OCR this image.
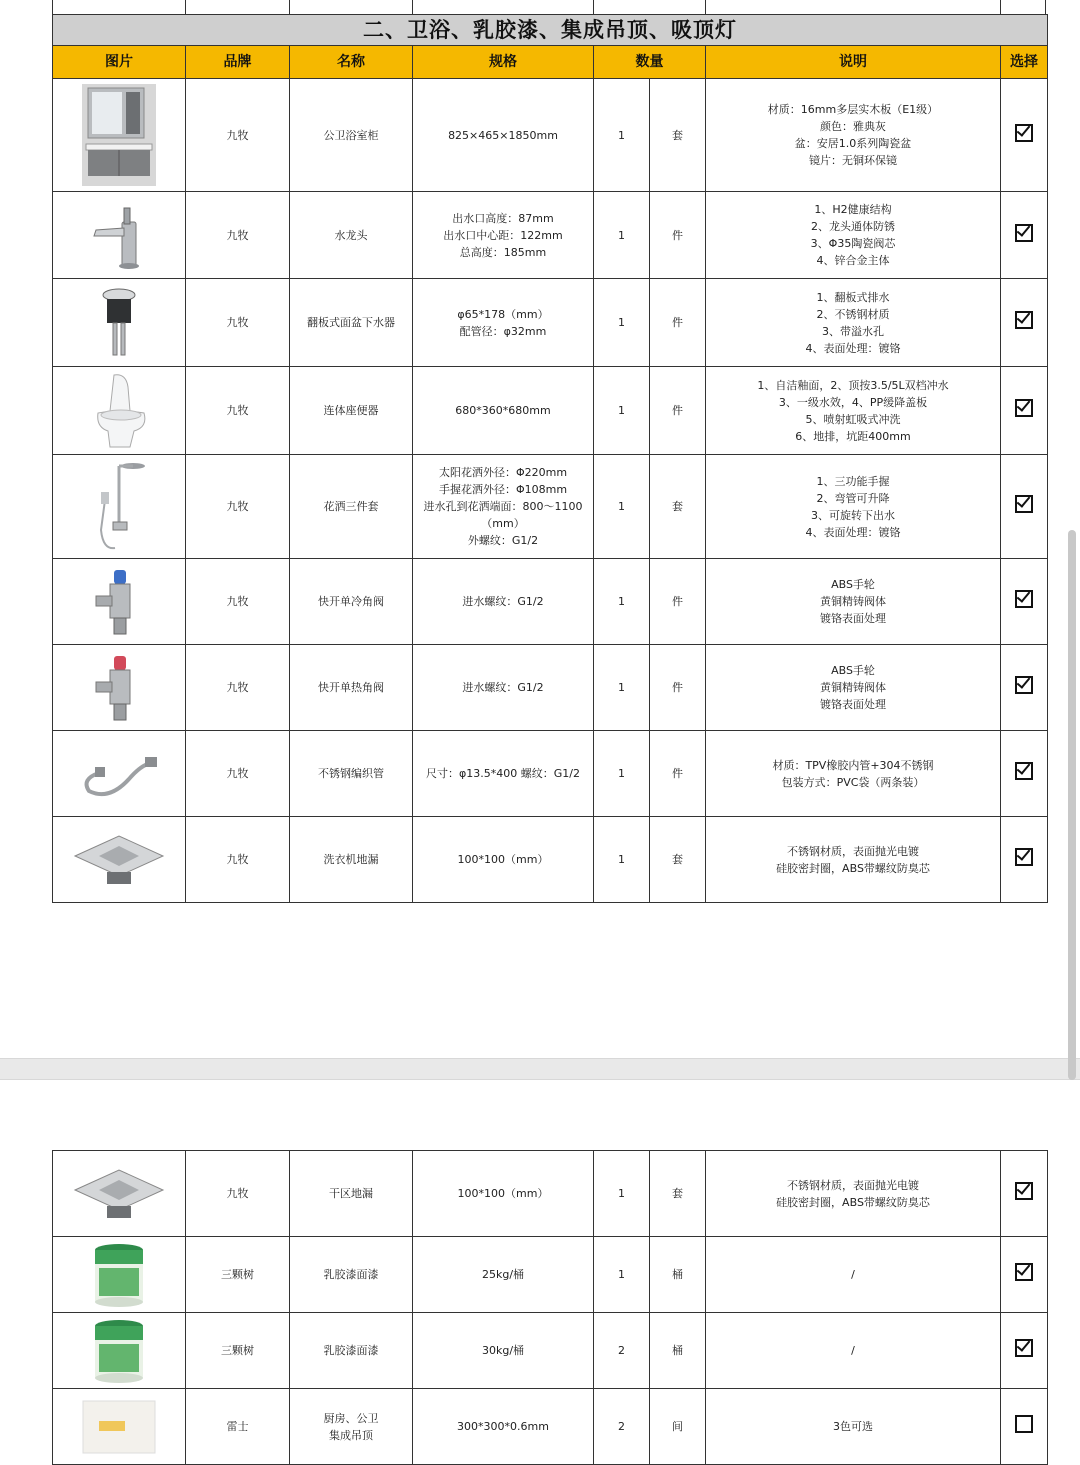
二、卫浴、乳胶漆、集成吊顶、吸顶灯							
图片	品牌	名称	规格	数量		说明	选择

	九牧	公卫浴室柜	825×465×1850mm	1	套	材质：16mm多层实木板（E1级）
颜色：雅典灰
盆：安居1.0系列陶瓷盆
镜片：无铜环保镜	

	九牧	水龙头	出水口高度：87mm
出水口中心距：122mm
总高度：185mm	1	件	1、H2健康结构
2、龙头通体防锈
3、Φ35陶瓷阀芯
4、锌合金主体	

	九牧	翻板式面盆下水器	φ65*178（mm）
配管径：φ32mm	1	件	1、翻板式排水
2、不锈钢材质
3、带溢水孔
4、表面处理：镀铬	

	九牧	连体座便器	680*360*680mm	1	件	1、自洁釉面，2、顶按3.5/5L双档冲水
3、一级水效，4、PP缓降盖板
5、喷射虹吸式冲洗
6、地排，坑距400mm	

	九牧	花洒三件套	太阳花洒外径：Φ220mm
手握花洒外径：Φ108mm
进水孔到花洒端面：800～1100（mm）
外螺纹：G1/2	1	套	1、三功能手握
2、弯管可升降
3、可旋转下出水
4、表面处理：镀铬	

	九牧	快开单冷角阀	进水螺纹：G1/2	1	件	ABS手轮
黄铜精铸阀体
镀铬表面处理	

	九牧	快开单热角阀	进水螺纹：G1/2	1	件	ABS手轮
黄铜精铸阀体
镀铬表面处理	

	九牧	不锈钢编织管	尺寸：φ13.5*400 螺纹：G1/2	1	件	材质：TPV橡胶内管+304不锈钢
包装方式：PVC袋（两条装）	

	九牧	洗衣机地漏	100*100（mm）	1	套	不锈钢材质，表面抛光电镀
硅胶密封圈，ABS带螺纹防臭芯	
	九牧	干区地漏	100*100（mm）	1	套	不锈钢材质，表面抛光电镀
硅胶密封圈，ABS带螺纹防臭芯	

	三颗树	乳胶漆面漆	25kg/桶	1	桶	/	

	三颗树	乳胶漆面漆	30kg/桶	2	桶	/	

	雷士	厨房、公卫
集成吊顶	300*300*0.6mm	2	间	3色可选	
